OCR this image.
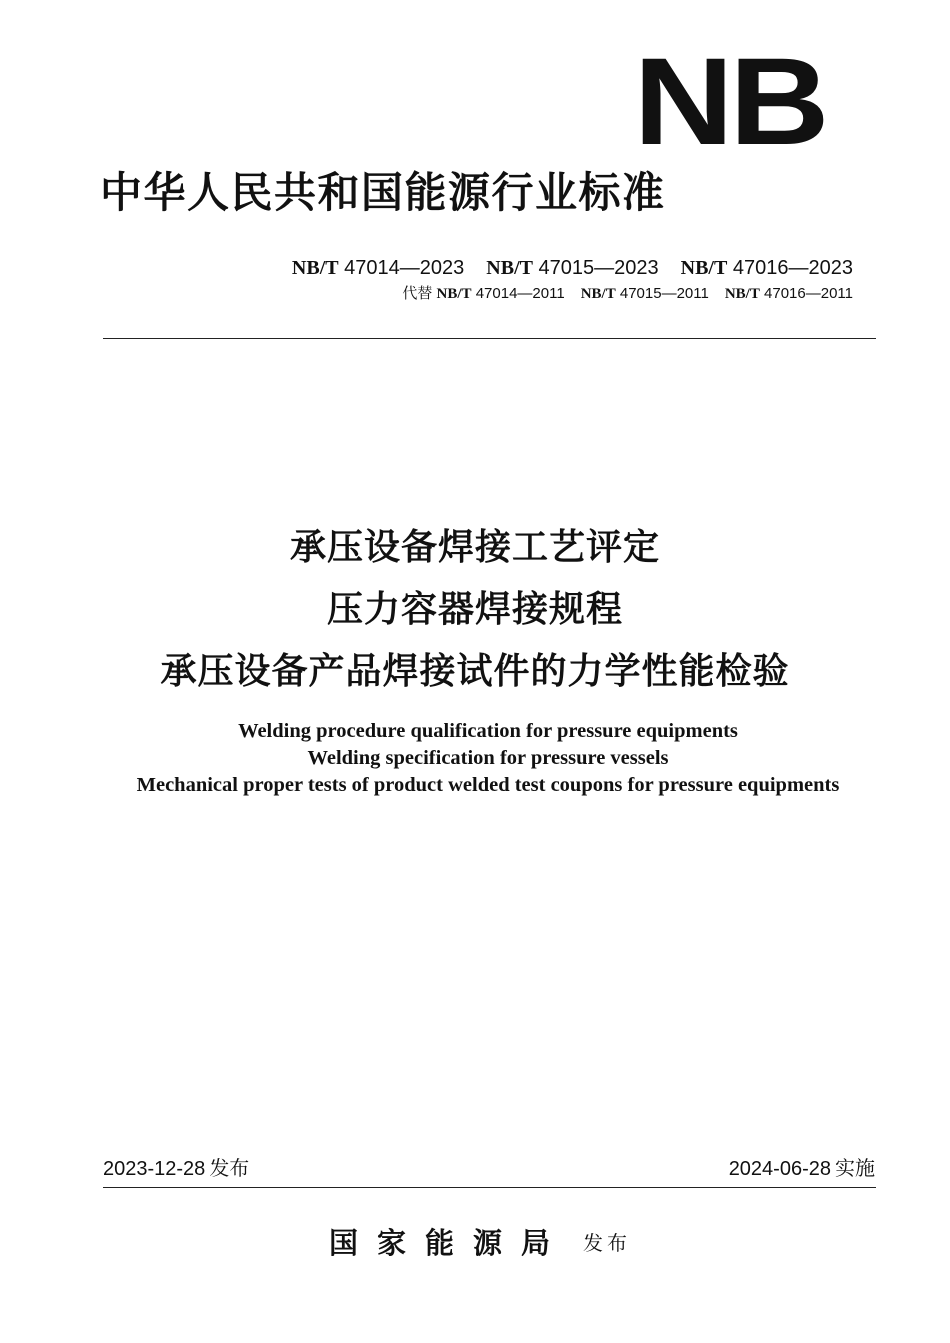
NB
中华人民共和国能源行业标准
NB/T 47014—2023 NB/T 47015—2023 NB/T 47016—2023
代替 NB/T 47014—2011 NB/T 47015—2011 NB/T 47016—2011
承压设备焊接工艺评定
压力容器焊接规程
承压设备产品焊接试件的力学性能检验
Welding procedure qualification for pressure equipments
Welding specification for pressure vessels
Mechanical proper tests of product welded test coupons for pressure equipments
2023-12-28 发布	2024-06-28 实施
国家能源局 发布
